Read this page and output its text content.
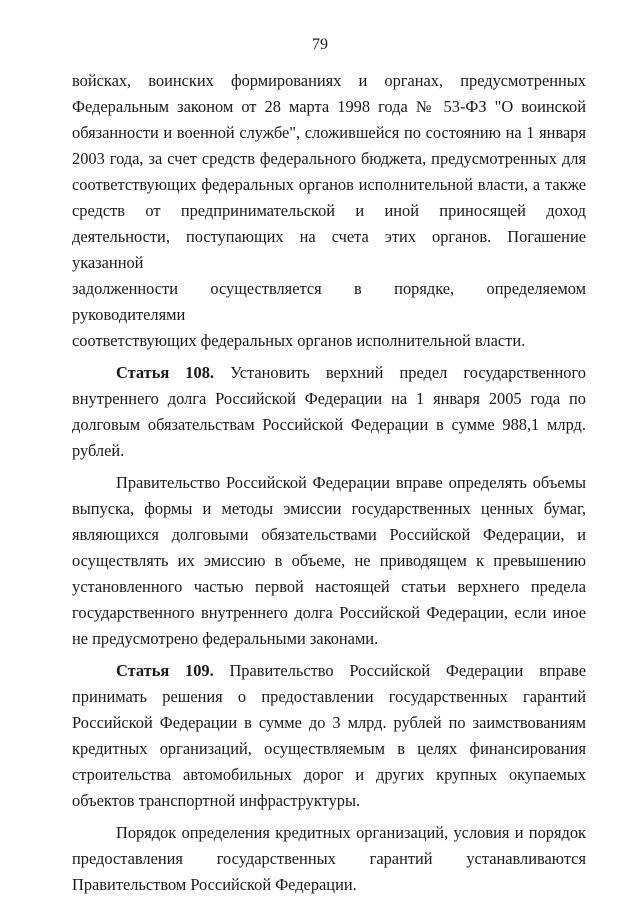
79

войсках, воинских формированиях и органах, предусмотренных

Федеральным законом от 28 марта 1998 года № 53-ФЗ "О воинской

обязанности и военной службе", сложившейся по состоянию на 1 января

2003 года, за счет средств федерального бюджета, предусмотренных для

соответствующих федеральных органов исполнительной власти, а также

средств от предпринимательской и иной приносящей доход

деятельности, поступающих на счета этих органов. Погашение указанной

задолженности осуществляется в порядке, определяемом руководителями

соответствующих федеральных органов исполнительной власти.

Статья 108. Установить верхний предел государственного

внутреннего долга Российской Федерации на 1 января 2005 года по

долговым обязательствам Российской Федерации в сумме 988,1 млрд.

рублей.

Правительство Российской Федерации вправе определять объемы

выпуска, формы и методы эмиссии государственных ценных бумаг,

являющихся долговыми обязательствами Российской Федерации, и

осуществлять их эмиссию в объеме, не приводящем к превышению

установленного частью первой настоящей статьи верхнего предела

государственного внутреннего долга Российской Федерации, если иное

не предусмотрено федеральными законами.

Статья 109. Правительство Российской Федерации вправе

принимать решения о предоставлении государственных гарантий

Российской Федерации в сумме до 3 млрд. рублей по заимствованиям

кредитных организаций, осуществляемым в целях финансирования

строительства автомобильных дорог и других крупных окупаемых

объектов транспортной инфраструктуры.

Порядок определения кредитных организаций, условия и порядок

предоставления государственных гарантий устанавливаются

Правительством Российской Федерации.
